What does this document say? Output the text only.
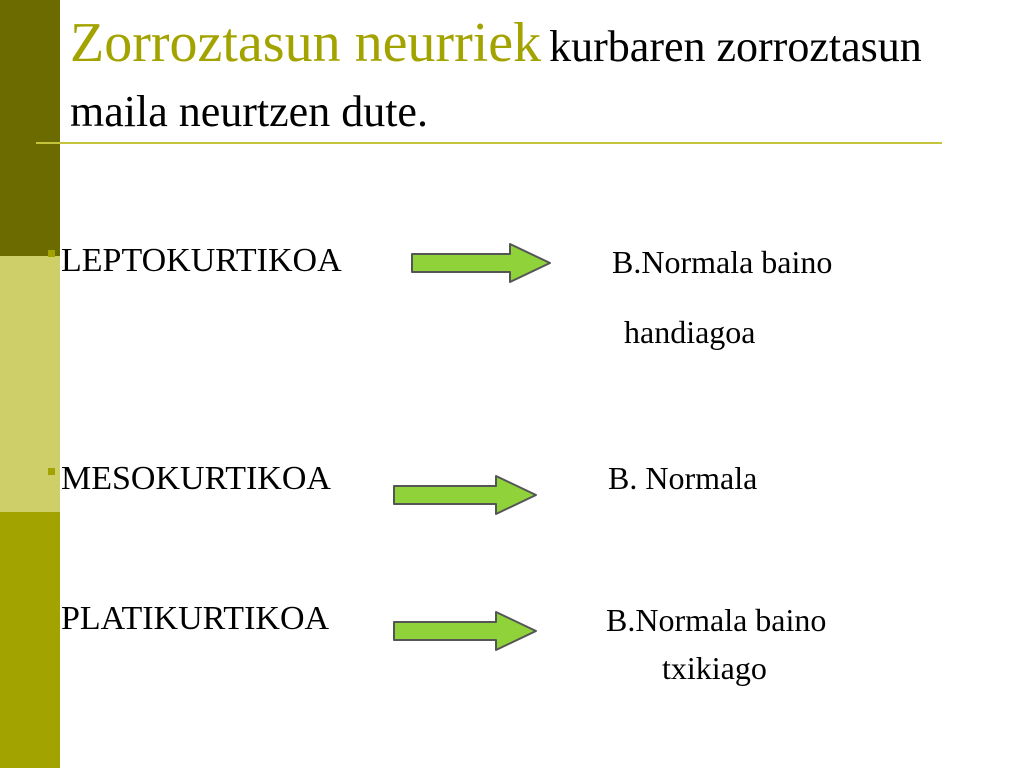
Zorroztasun neurriek kurbaren zorroztasun maila neurtzen dute.
LEPTOKURTIKOA	B.Normala baino
handiagoa
MESOKURTIKOA	B. Normala
PLATIKURTIKOA	B.Normala baino
txikiago
